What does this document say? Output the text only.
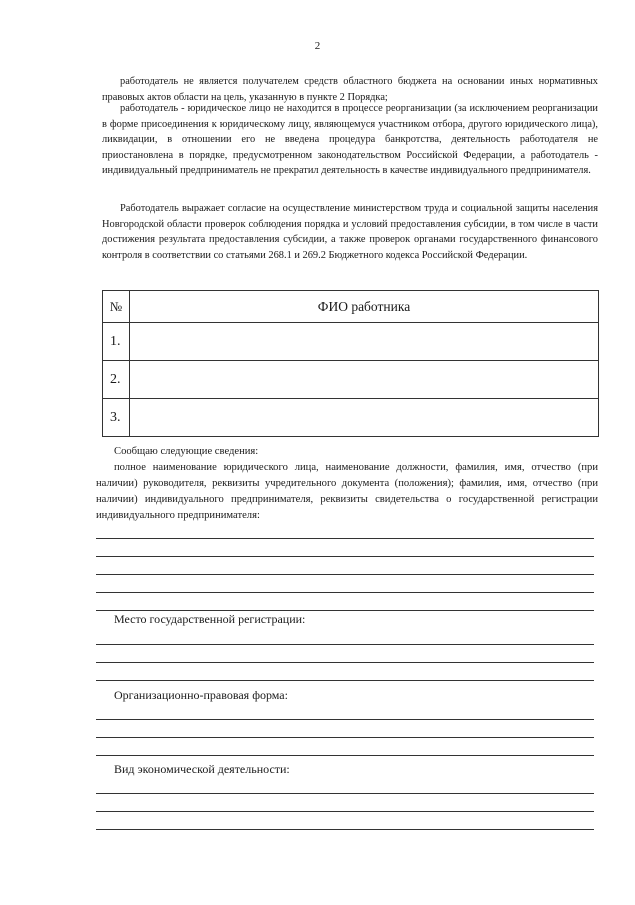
2

работодатель не является получателем средств областного бюджета на основании иных нормативных правовых актов области на цель, указанную в пункте 2 Порядка;

работодатель - юридическое лицо не находится в процессе реорганизации (за исключением реорганизации в форме присоединения к юридическому лицу, являющемуся участником отбора, другого юридического лица), ликвидации, в отношении его не введена процедура банкротства, деятельность работодателя не приостановлена в порядке, предусмотренном законодательством Российской Федерации, а работодатель - индивидуальный предприниматель не прекратил деятельность в качестве индивидуального предпринимателя.

Работодатель выражает согласие на осуществление министерством труда и социальной защиты населения Новгородской области проверок соблюдения порядка и условий предоставления субсидии, в том числе в части достижения результата предоставления субсидии, а также проверок органами государственного финансового контроля в соответствии со статьями 268.1 и 269.2 Бюджетного кодекса Российской Федерации.

№	ФИО работника
1.	
2.	
3.	
Сообщаю следующие сведения:

полное наименование юридического лица, наименование должности, фамилия, имя, отчество (при наличии) руководителя, реквизиты учредительного документа (положения); фамилия, имя, отчество (при наличии) индивидуального предпринимателя, реквизиты свидетельства о государственной регистрации индивидуального предпринимателя:

Место государственной регистрации:
Организационно-правовая форма:
Вид экономической деятельности:
